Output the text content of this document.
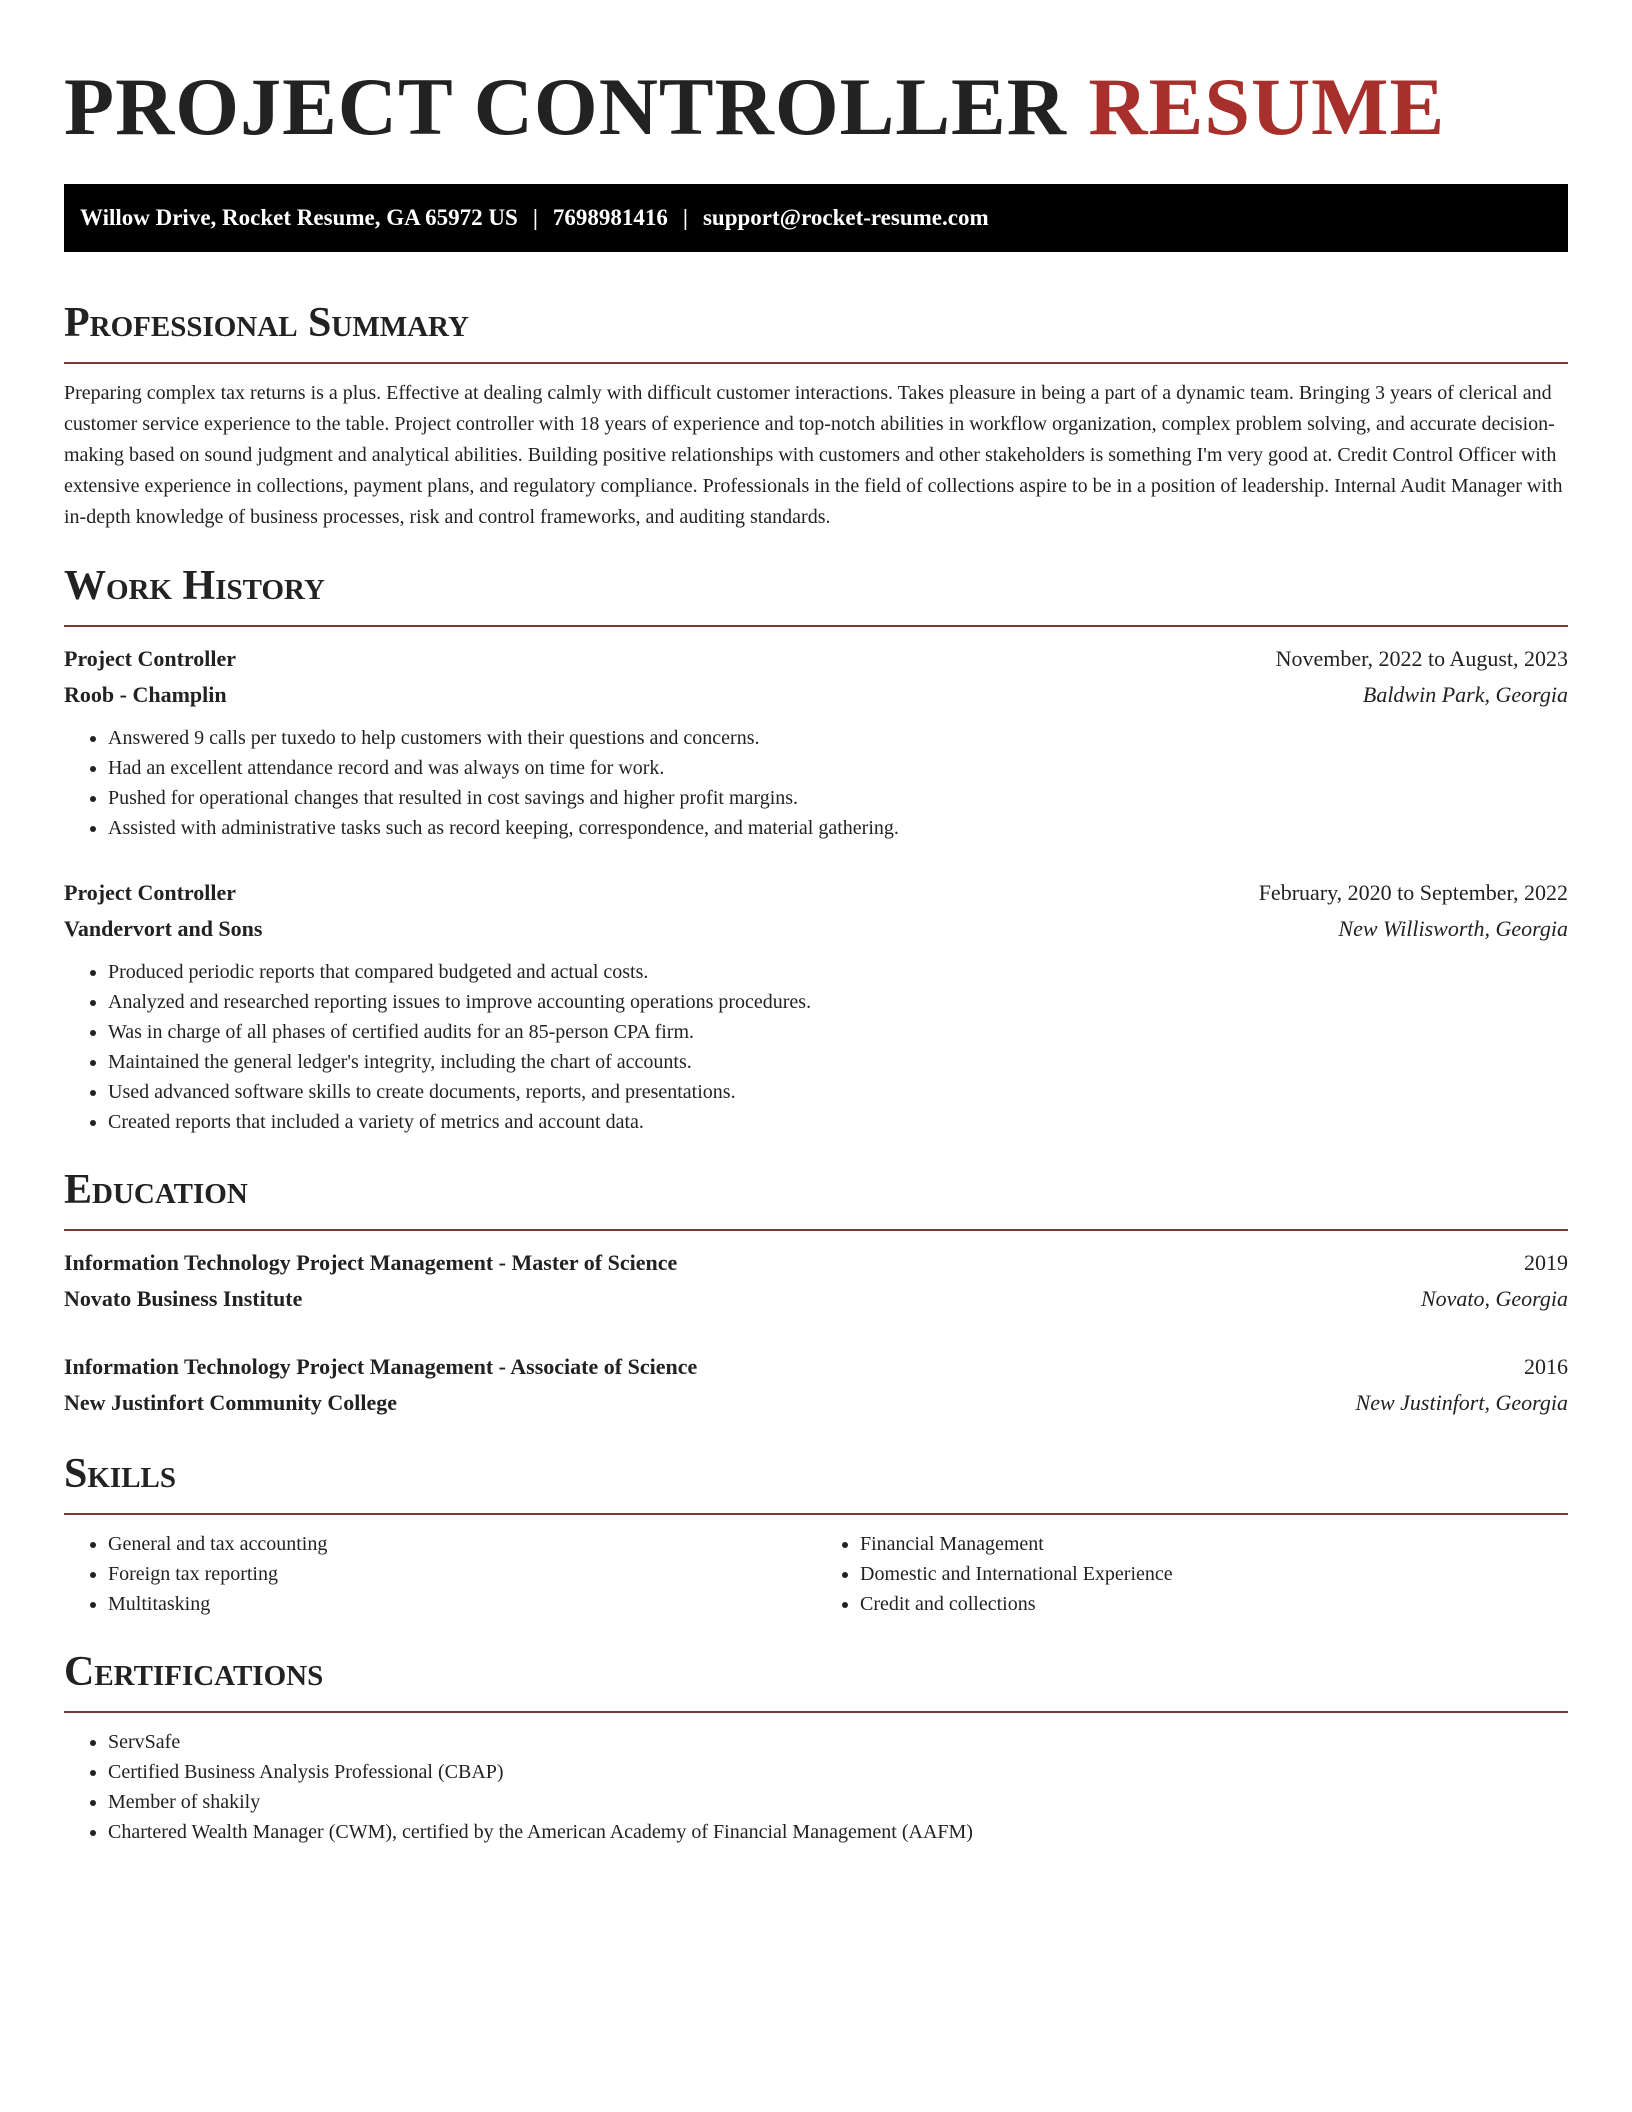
PROJECT CONTROLLER RESUME
Willow Drive, Rocket Resume, GA 65972 US | 7698981416 | support@rocket-resume.com
Professional Summary

Preparing complex tax returns is a plus. Effective at dealing calmly with difficult customer interactions. Takes pleasure in being a part of a dynamic team. Bringing 3 years of clerical and customer service experience to the table. Project controller with 18 years of experience and top-notch abilities in workflow organization, complex problem solving, and accurate decision-making based on sound judgment and analytical abilities. Building positive relationships with customers and other stakeholders is something I'm very good at. Credit Control Officer with extensive experience in collections, payment plans, and regulatory compliance. Professionals in the field of collections aspire to be in a position of leadership. Internal Audit Manager with in-depth knowledge of business processes, risk and control frameworks, and auditing standards.

Work History
Project Controller	November, 2022 to August, 2023
Roob - Champlin	Baldwin Park, Georgia
• Answered 9 calls per tuxedo to help customers with their questions and concerns.
• Had an excellent attendance record and was always on time for work.
• Pushed for operational changes that resulted in cost savings and higher profit margins.
• Assisted with administrative tasks such as record keeping, correspondence, and material gathering.
Project Controller	February, 2020 to September, 2022
Vandervort and Sons	New Willisworth, Georgia
• Produced periodic reports that compared budgeted and actual costs.
• Analyzed and researched reporting issues to improve accounting operations procedures.
• Was in charge of all phases of certified audits for an 85-person CPA firm.
• Maintained the general ledger's integrity, including the chart of accounts.
• Used advanced software skills to create documents, reports, and presentations.
• Created reports that included a variety of metrics and account data.
Education
Information Technology Project Management - Master of Science	2019
Novato Business Institute	Novato, Georgia
Information Technology Project Management - Associate of Science	2016
New Justinfort Community College	New Justinfort, Georgia
Skills
• General and tax accounting
• Foreign tax reporting
• Multitasking
• Financial Management
• Domestic and International Experience
• Credit and collections
Certifications
• ServSafe
• Certified Business Analysis Professional (CBAP)
• Member of shakily
• Chartered Wealth Manager (CWM), certified by the American Academy of Financial Management (AAFM)
